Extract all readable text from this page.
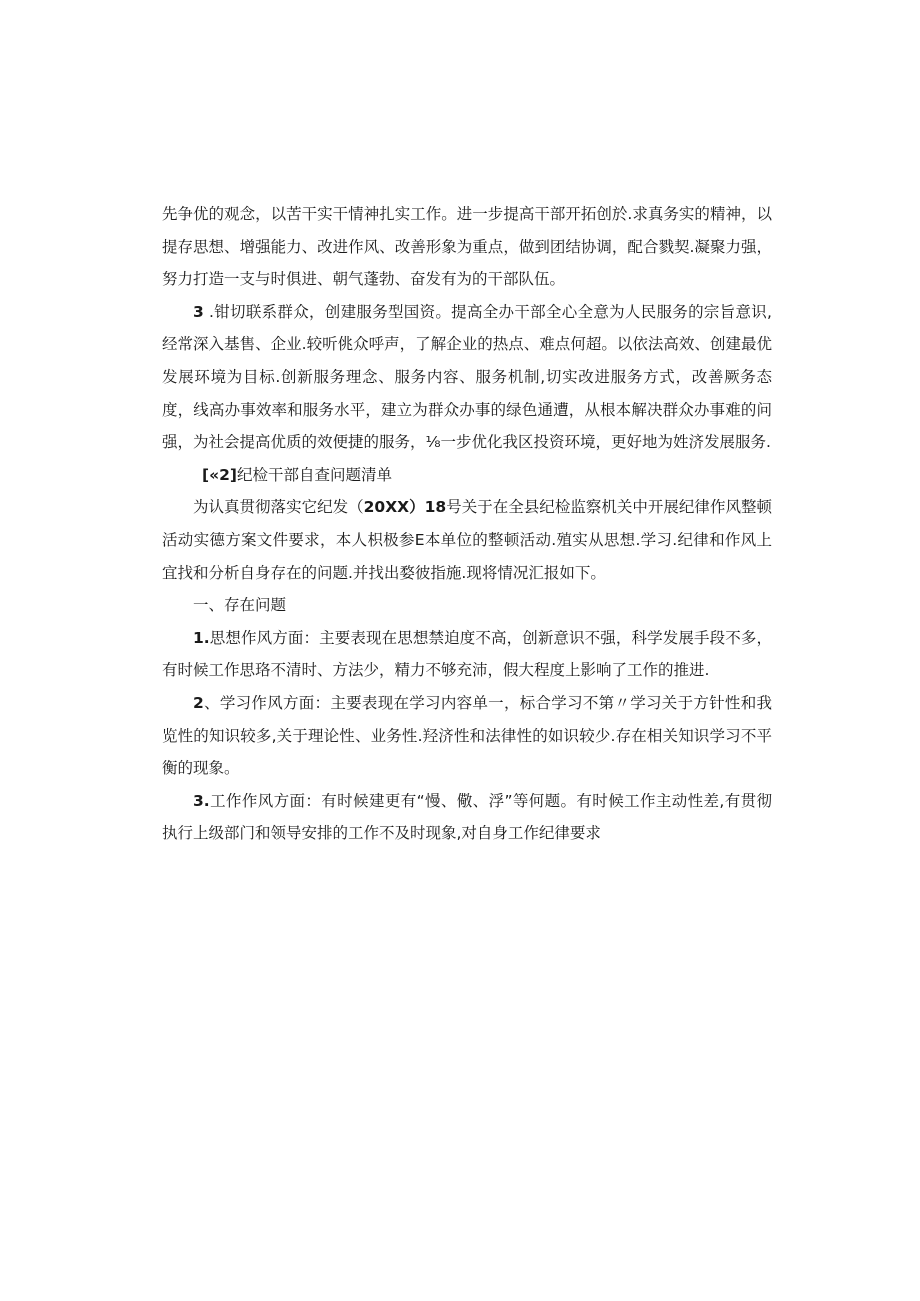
先争优的观念，以苦干实干情神扎实工作。进一步提高干部开拓创於.求真务实的精神，以提存思想、增强能力、改进作风、改善形象为重点，做到团结协调，配合戮契.凝聚力强，努力打造一支与时俱进、朝气蓬勃、奋发有为的干部队伍。

3 .钳切联系群众，创建服务型国资。提高全办干部全心全意为人民服务的宗旨意识,经常深入基售、企业.较听佻众呼声，了解企业的热点、难点何超。以依法高效、创建最优发展环境为目标.创新服务理念、服务内容、服务机制,切实改进服务方式，改善厥务态度，线高办事效率和服务水平，建立为群众办事的绿色通遭，从根本解决群众办事难的问强，为社会提高优质的效便捷的服务，⅛一步优化我区投资环境，更好地为姓济发展服务.

[«2]纪检干部自查问题清单

为认真贯彻落实它纪发（20XX）18号关于在全县纪检监察机关中开展纪律作风整顿活动实德方案文件要求，本人枳极参E本单位的整顿活动.殖实从思想.学习.纪律和作风上宜找和分析自身存在的问题.并找出婺彼指施.现将情况汇报如下。

一、存在问题

1.思想作风方面：主要表现在思想禁迫度不高，创新意识不强，科学发展手段不多，有时候工作思珞不清时、方法少，精力不够充沛，假大程度上影响了工作的推进.

2、学习作风方面：主要表现在学习内容单一，标合学习不第〃学习关于方针性和我览性的知识较多,关于理论性、业务性.羟济性和法律性的如识较少.存在相关知识学习不平衡的现象。

3.工作作风方面：有时候建更有“慢、儆、浮”等何题。有时候工作主动性差,有贯彻执行上级部门和领导安排的工作不及时现象,对自身工作纪律要求
